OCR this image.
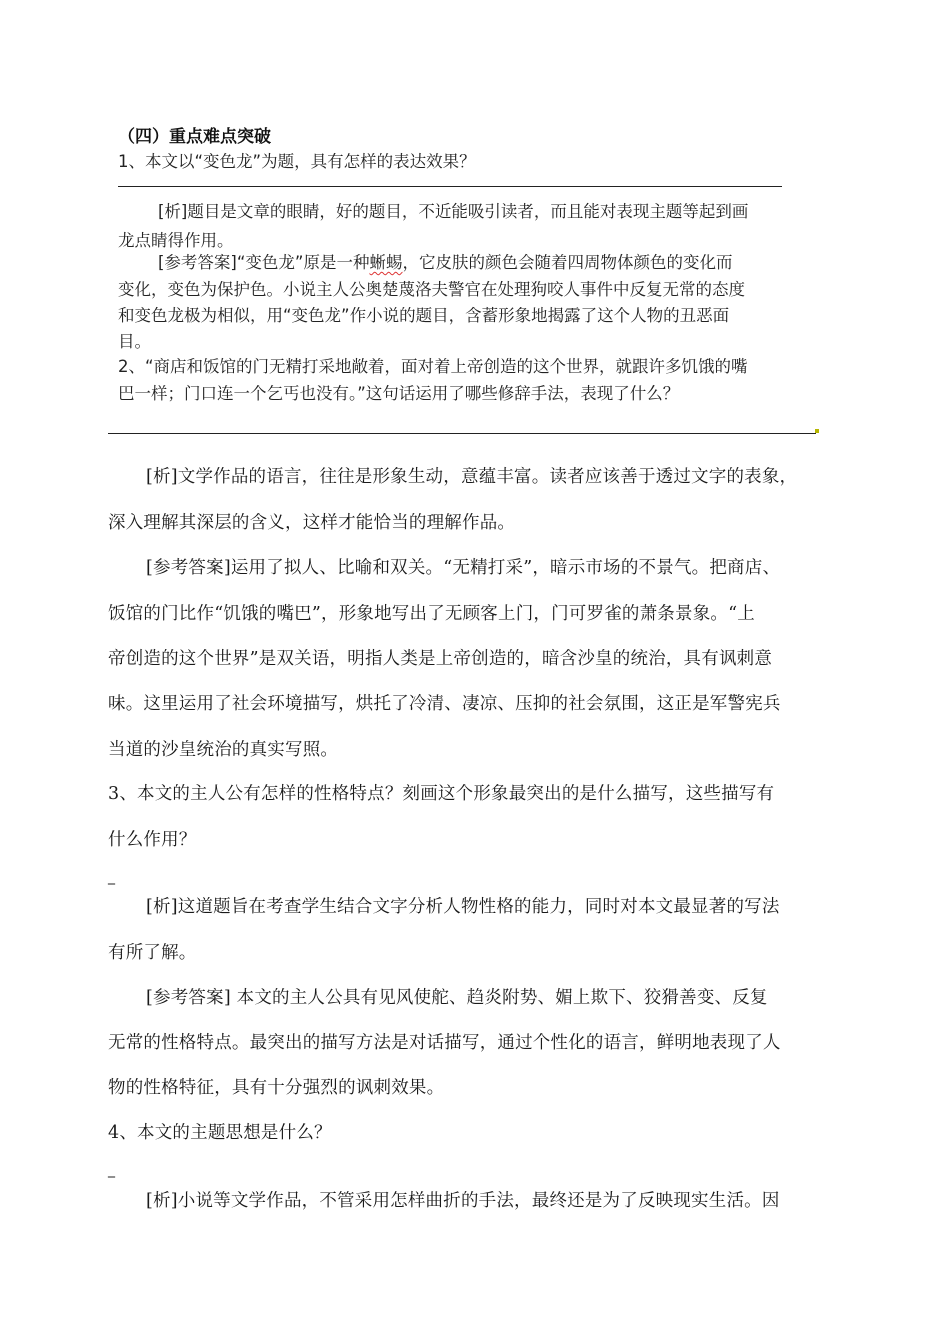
（四）重点难点突破
1、本文以“变色龙”为题，具有怎样的表达效果？
[析]题目是文章的眼睛，好的题目，不近能吸引读者，而且能对表现主题等起到画
龙点睛得作用。
[参考答案]“变色龙”原是一种蜥蜴，它皮肤的颜色会随着四周物体颜色的变化而
变化，变色为保护色。小说主人公奥楚蔑洛夫警官在处理狗咬人事件中反复无常的态度
和变色龙极为相似，用“变色龙”作小说的题目，含蓄形象地揭露了这个人物的丑恶面
目。
2、“商店和饭馆的门无精打采地敞着，面对着上帝创造的这个世界，就跟许多饥饿的嘴
巴一样；门口连一个乞丐也没有。”这句话运用了哪些修辞手法，表现了什么？
[析]文学作品的语言，往往是形象生动，意蕴丰富。读者应该善于透过文字的表象，
深入理解其深层的含义，这样才能恰当的理解作品。
[参考答案]运用了拟人、比喻和双关。“无精打采”，暗示市场的不景气。把商店、
饭馆的门比作“饥饿的嘴巴”，形象地写出了无顾客上门，门可罗雀的萧条景象。“上
帝创造的这个世界”是双关语，明指人类是上帝创造的，暗含沙皇的统治，具有讽刺意
味。这里运用了社会环境描写，烘托了冷清、凄凉、压抑的社会氛围，这正是军警宪兵
当道的沙皇统治的真实写照。
3、本文的主人公有怎样的性格特点？刻画这个形象最突出的是什么描写，这些描写有
什么作用？
_
[析]这道题旨在考查学生结合文字分析人物性格的能力，同时对本文最显著的写法
有所了解。
[参考答案] 本文的主人公具有见风使舵、趋炎附势、媚上欺下、狡猾善变、反复
无常的性格特点。最突出的描写方法是对话描写，通过个性化的语言，鲜明地表现了人
物的性格特征，具有十分强烈的讽刺效果。
4、本文的主题思想是什么？
_
[析]小说等文学作品，不管采用怎样曲折的手法，最终还是为了反映现实生活。因
